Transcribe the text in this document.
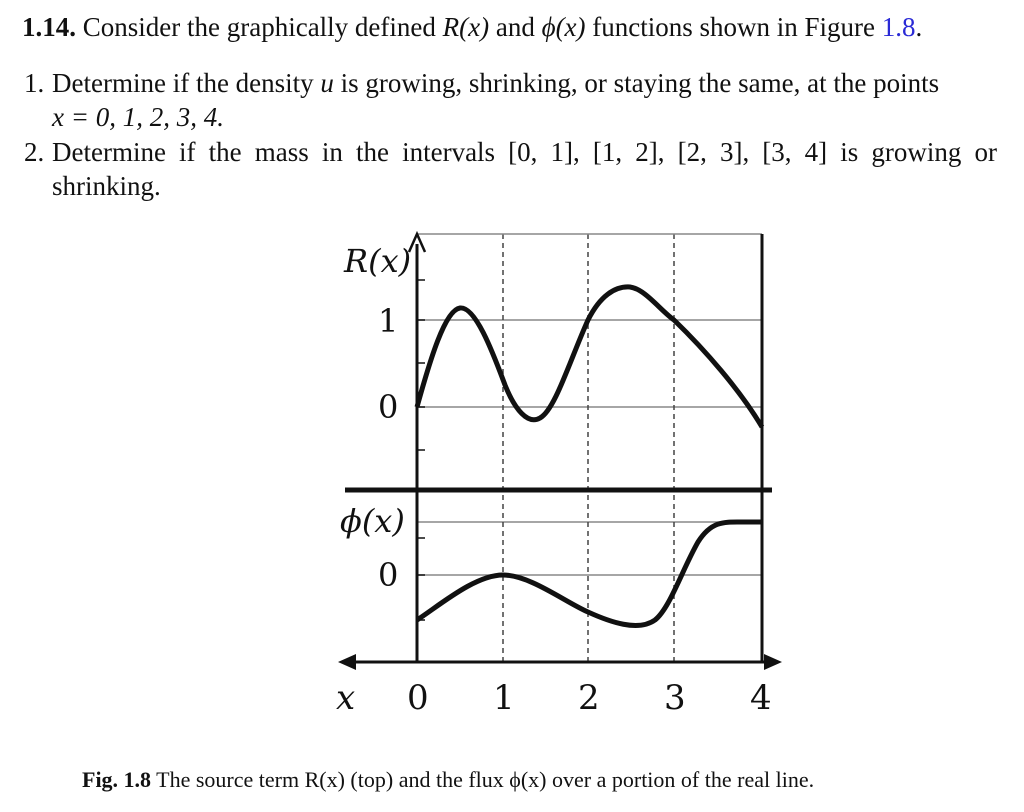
1.14. Consider the graphically defined R(x) and ϕ(x) functions shown in Figure 1.8.
1. Determine if the density u is growing, shrinking, or staying the same, at the points
x = 0, 1, 2, 3, 4.
2. Determine if the mass in the intervals [0, 1], [1, 2], [2, 3], [3, 4] is growing or shrinking.
R(x)
1
0
ϕ(x)
0
x 0 1 2 3 4
Fig. 1.8 The source term R(x) (top) and the flux ϕ(x) over a portion of the real line.
